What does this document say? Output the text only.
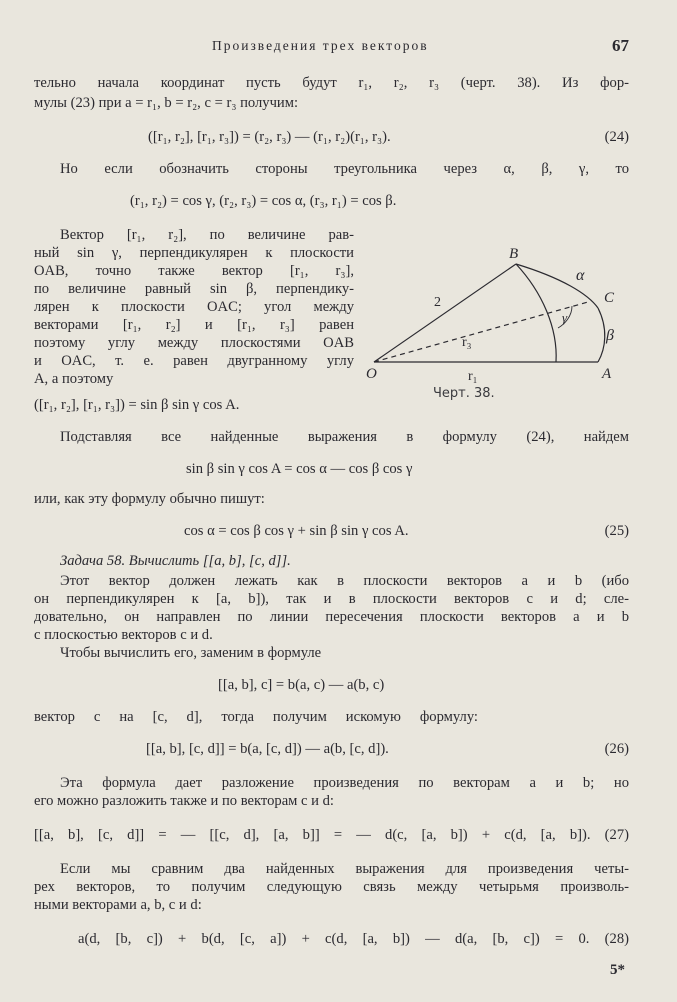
Произведения трех векторов	67
тельно начала координат пусть будут r₁, r₂, r₃ (черт. 38). Из фор-
мулы (23) при a = r₁, b = r₂, c = r₃ получим:
([r₁, r₂], [r₁, r₃]) = (r₂, r₃) — (r₁, r₂)(r₁, r₃).	(24)
Но если обозначить стороны треугольника через α, β, γ, то
(r₁, r₂) = cos γ, (r₂, r₃) = cos α, (r₃, r₁) = cos β.
Вектор [r₁, r₂], по величине рав-
ный sin γ, перпендикулярен к плоскости
OAB, точно также вектор [r₁, r₃],
по величине равный sin β, перпендику-
лярен к плоскости OAC; угол между
векторами [r₁, r₂] и [r₁, r₃] равен
поэтому углу между плоскостями OAB
и OAC, т. е. равен двугранному углу
A, а поэтому
([r₁, r₂], [r₁, r₃]) = sin β sin γ cos A.
B
C
A
O
α
β
γ
2
r₃
r₁
Черт. 38.
Подставляя все найденные выражения в формулу (24), найдем
sin β sin γ cos A = cos α — cos β cos γ
или, как эту формулу обычно пишут:
cos α = cos β cos γ + sin β sin γ cos A.	(25)
Задача 58. Вычислить [[a, b], [c, d]].
Этот вектор должен лежать как в плоскости векторов a и b (ибо
он перпендикулярен к [a, b]), так и в плоскости векторов c и d; сле-
довательно, он направлен по линии пересечения плоскости векторов a и b
с плоскостью векторов c и d.
Чтобы вычислить его, заменим в формуле
[[a, b], c] = b(a, c) — a(b, c)
вектор c на [c, d], тогда получим искомую формулу:
[[a, b], [c, d]] = b(a, [c, d]) — a(b, [c, d]).	(26)
Эта формула дает разложение произведения по векторам a и b; но
его можно разложить также и по векторам c и d:
[[a, b], [c, d]] = — [[c, d], [a, b]] = — d(c, [a, b]) + c(d, [a, b]). (27)
Если мы сравним два найденных выражения для произведения четы-
рех векторов, то получим следующую связь между четырьмя произволь-
ными векторами a, b, c и d:
a(d, [b, c]) + b(d, [c, a]) + c(d, [a, b]) — d(a, [b, c]) = 0. (28)
5*
